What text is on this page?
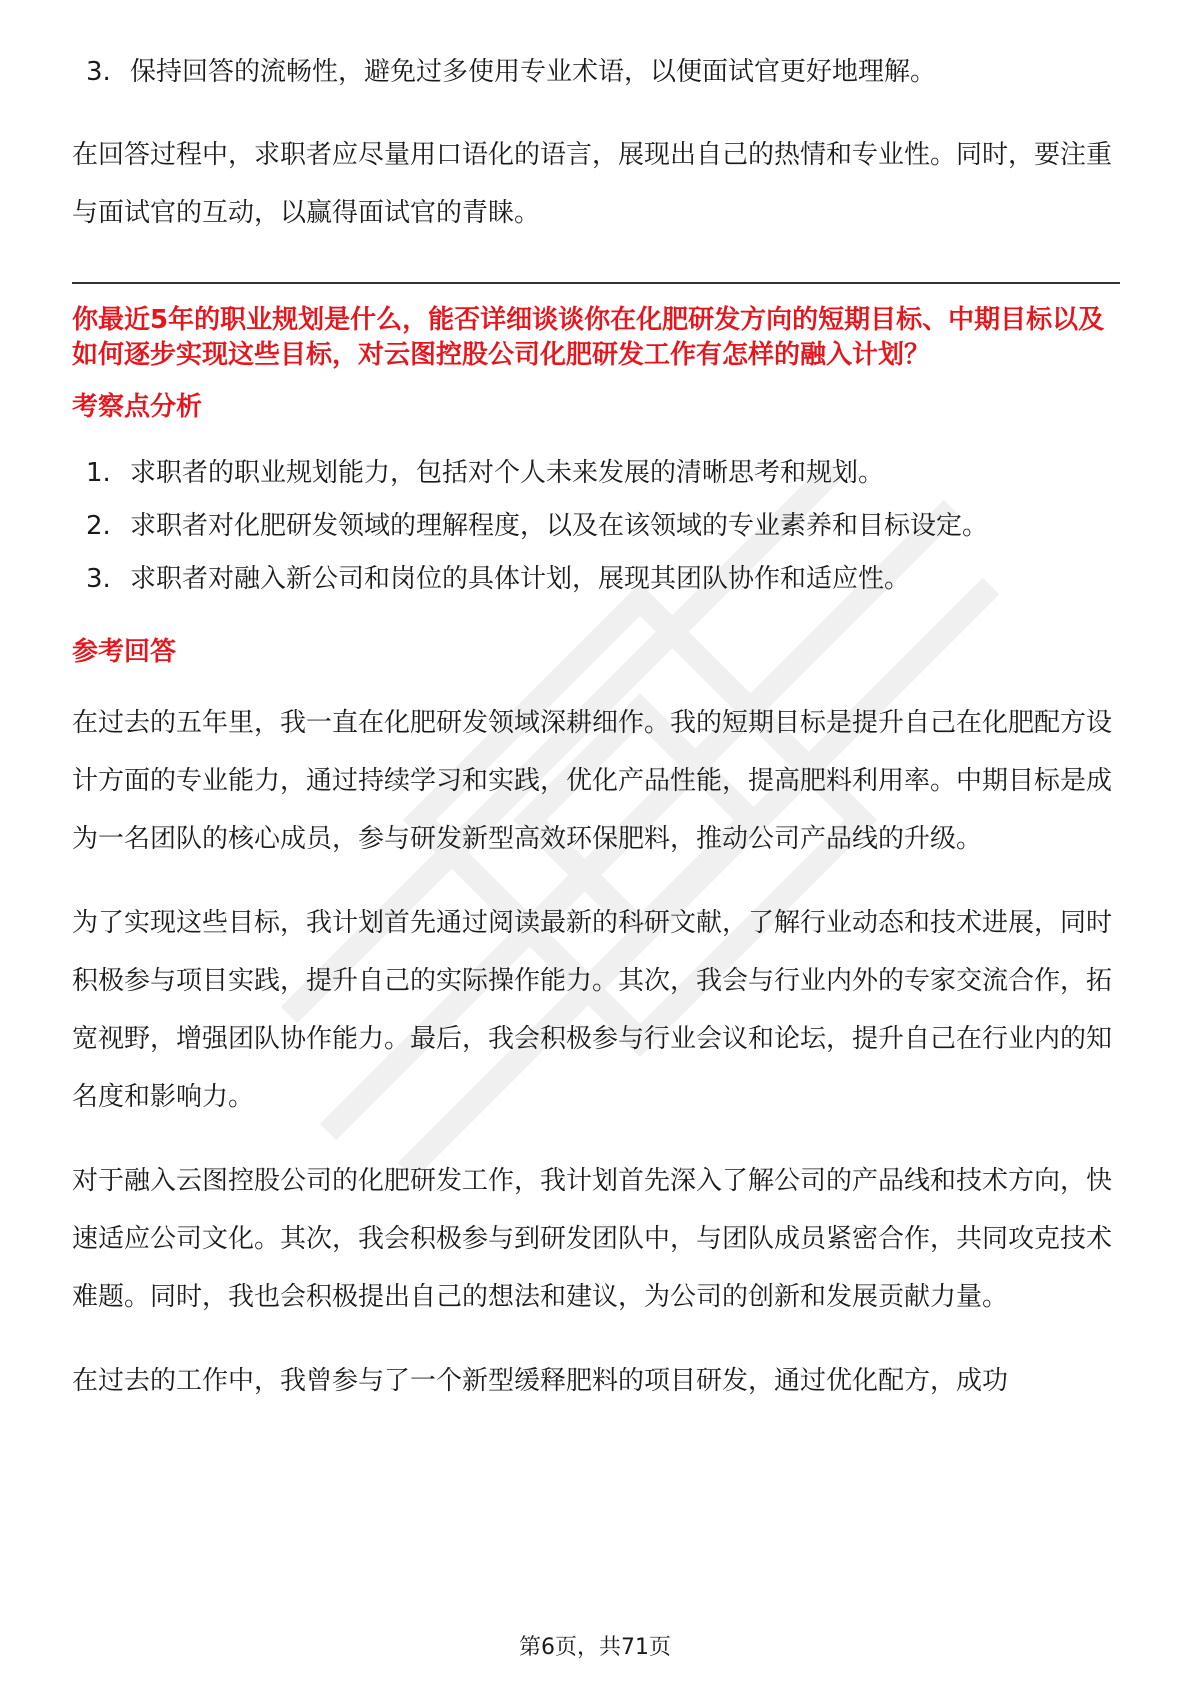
3. 保持回答的流畅性，避免过多使用专业术语，以便面试官更好地理解。

在回答过程中，求职者应尽量用口语化的语言，展现出自己的热情和专业性。同时，要注重与面试官的互动，以赢得面试官的青睐。

你最近5年的职业规划是什么，能否详细谈谈你在化肥研发方向的短期目标、中期目标以及如何逐步实现这些目标，对云图控股公司化肥研发工作有怎样的融入计划？

考察点分析

1. 求职者的职业规划能力，包括对个人未来发展的清晰思考和规划。
2. 求职者对化肥研发领域的理解程度，以及在该领域的专业素养和目标设定。
3. 求职者对融入新公司和岗位的具体计划，展现其团队协作和适应性。

参考回答

在过去的五年里，我一直在化肥研发领域深耕细作。我的短期目标是提升自己在化肥配方设计方面的专业能力，通过持续学习和实践，优化产品性能，提高肥料利用率。中期目标是成为一名团队的核心成员，参与研发新型高效环保肥料，推动公司产品线的升级。

为了实现这些目标，我计划首先通过阅读最新的科研文献，了解行业动态和技术进展，同时积极参与项目实践，提升自己的实际操作能力。其次，我会与行业内外的专家交流合作，拓宽视野，增强团队协作能力。最后，我会积极参与行业会议和论坛，提升自己在行业内的知名度和影响力。

对于融入云图控股公司的化肥研发工作，我计划首先深入了解公司的产品线和技术方向，快速适应公司文化。其次，我会积极参与到研发团队中，与团队成员紧密合作，共同攻克技术难题。同时，我也会积极提出自己的想法和建议，为公司的创新和发展贡献力量。

在过去的工作中，我曾参与了一个新型缓释肥料的项目研发，通过优化配方，成功

第6页，共71页
